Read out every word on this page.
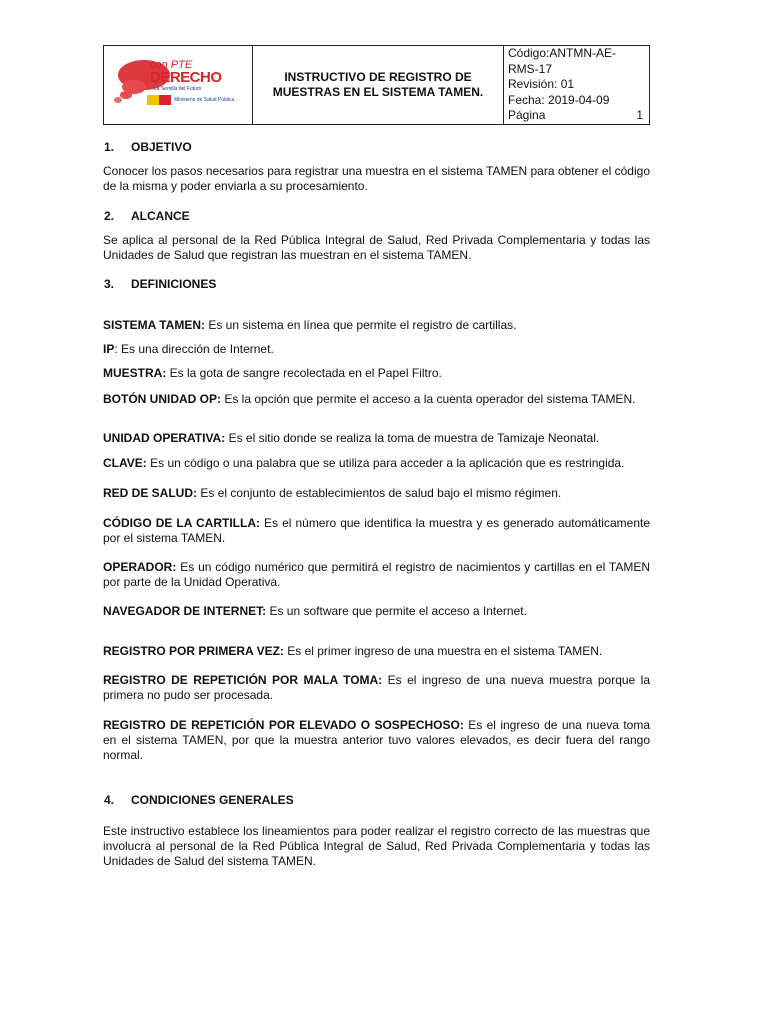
con PTE
DERECHO
La Semilla del Futuro
Ministerio de Salud Pública

INSTRUCTIVO DE REGISTRO DE
MUESTRAS EN EL SISTEMA TAMEN.

Código:ANTMN-AE-
RMS-17
Revisión: 01
Fecha: 2019-04-09
Página	1
1. OBJETIVO
Conocer los pasos necesarios para registrar una muestra en el sistema TAMEN para obtener el código de la misma y poder enviarla a su procesamiento.
2. ALCANCE
Se aplica al personal de la Red Pública Integral de Salud, Red Privada Complementaria y todas las Unidades de Salud que registran las muestran en el sistema TAMEN.
3. DEFINICIONES
SISTEMA TAMEN: Es un sistema en línea que permite el registro de cartillas.
IP: Es una dirección de Internet.
MUESTRA: Es la gota de sangre recolectada en el Papel Filtro.
BOTÓN UNIDAD OP: Es la opción que permite el acceso a la cuenta operador del sistema TAMEN.
UNIDAD OPERATIVA: Es el sitio donde se realiza la toma de muestra de Tamizaje Neonatal.
CLAVE: Es un código o una palabra que se utiliza para acceder a la aplicación que es restringida.
RED DE SALUD: Es el conjunto de establecimientos de salud bajo el mismo régimen.
CÓDIGO DE LA CARTILLA: Es el número que identifica la muestra y es generado automáticamente por el sistema TAMEN.
OPERADOR: Es un código numérico que permitirá el registro de nacimientos y cartillas en el TAMEN por parte de la Unidad Operativa.
NAVEGADOR DE INTERNET: Es un software que permite el acceso a Internet.
REGISTRO POR PRIMERA VEZ: Es el primer ingreso de una muestra en el sistema TAMEN.
REGISTRO DE REPETICIÓN POR MALA TOMA: Es el ingreso de una nueva muestra porque la primera no pudo ser procesada.
REGISTRO DE REPETICIÓN POR ELEVADO O SOSPECHOSO: Es el ingreso de una nueva toma en el sistema TAMEN, por que la muestra anterior tuvo valores elevados, es decir fuera del rango normal.
4. CONDICIONES GENERALES
Este instructivo establece los lineamientos para poder realizar el registro correcto de las muestras que involucra al personal de la Red Pública Integral de Salud, Red Privada Complementaria y todas las Unidades de Salud del sistema TAMEN.
